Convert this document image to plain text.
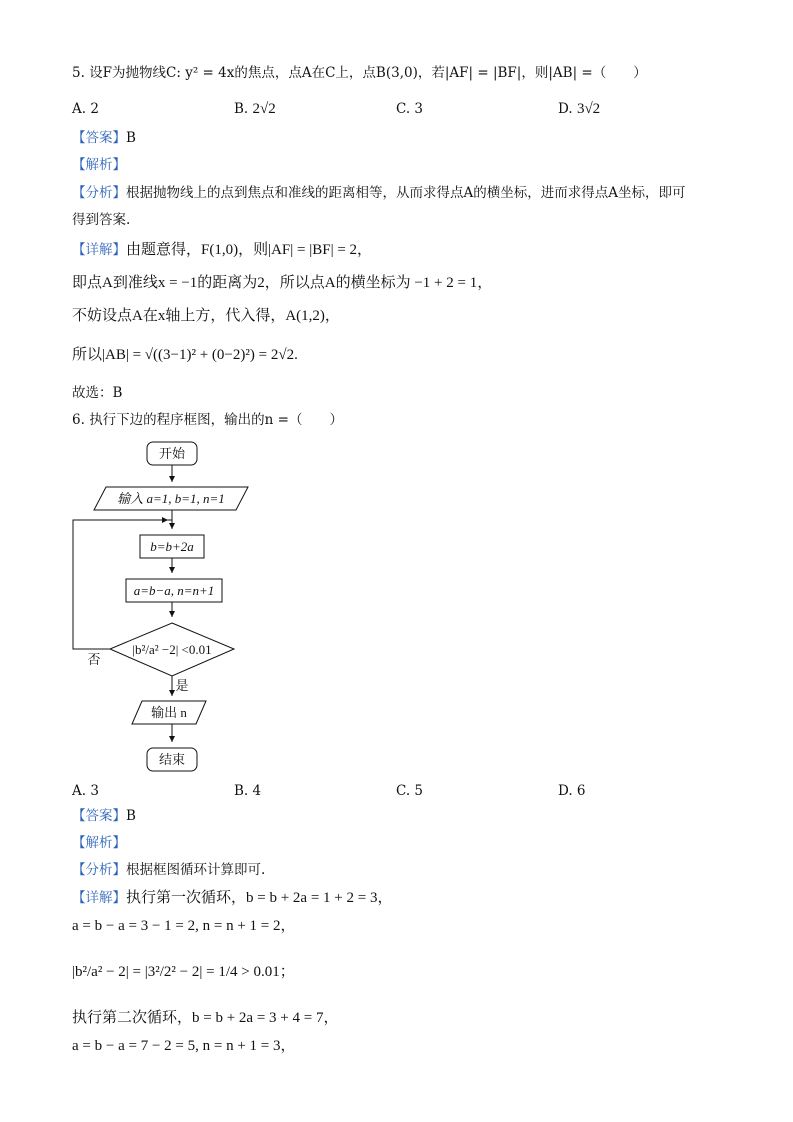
5. 设F为抛物线C: y² = 4x的焦点，点A在C上，点B(3,0)，若|AF| = |BF|，则|AB| =（　　）
A. 2	B. 2√2	C. 3	D. 3√2
【答案】B
【解析】
【分析】根据抛物线上的点到焦点和准线的距离相等，从而求得点A的横坐标，进而求得点A坐标，即可
得到答案.
【详解】由题意得，F(1,0)，则|AF| = |BF| = 2，
即点A到准线x = −1的距离为2，所以点A的横坐标为 −1 + 2 = 1，
不妨设点A在x轴上方，代入得，A(1,2)，
所以|AB| = √((3−1)² + (0−2)²) = 2√2.
故选：B
6. 执行下边的程序框图，输出的n =（　　）
开始
输入 a=1, b=1, n=1
b=b+2a
a=b−a, n=n+1
|b²/a² −2| <0.01
否
是
输出 n
结束
A. 3	B. 4	C. 5	D. 6
【答案】B
【解析】
【分析】根据框图循环计算即可.
【详解】执行第一次循环，b = b + 2a = 1 + 2 = 3，
a = b − a = 3 − 1 = 2, n = n + 1 = 2，
|b²/a² − 2| = |3²/2² − 2| = 1/4 > 0.01；
执行第二次循环，b = b + 2a = 3 + 4 = 7，
a = b − a = 7 − 2 = 5, n = n + 1 = 3，
